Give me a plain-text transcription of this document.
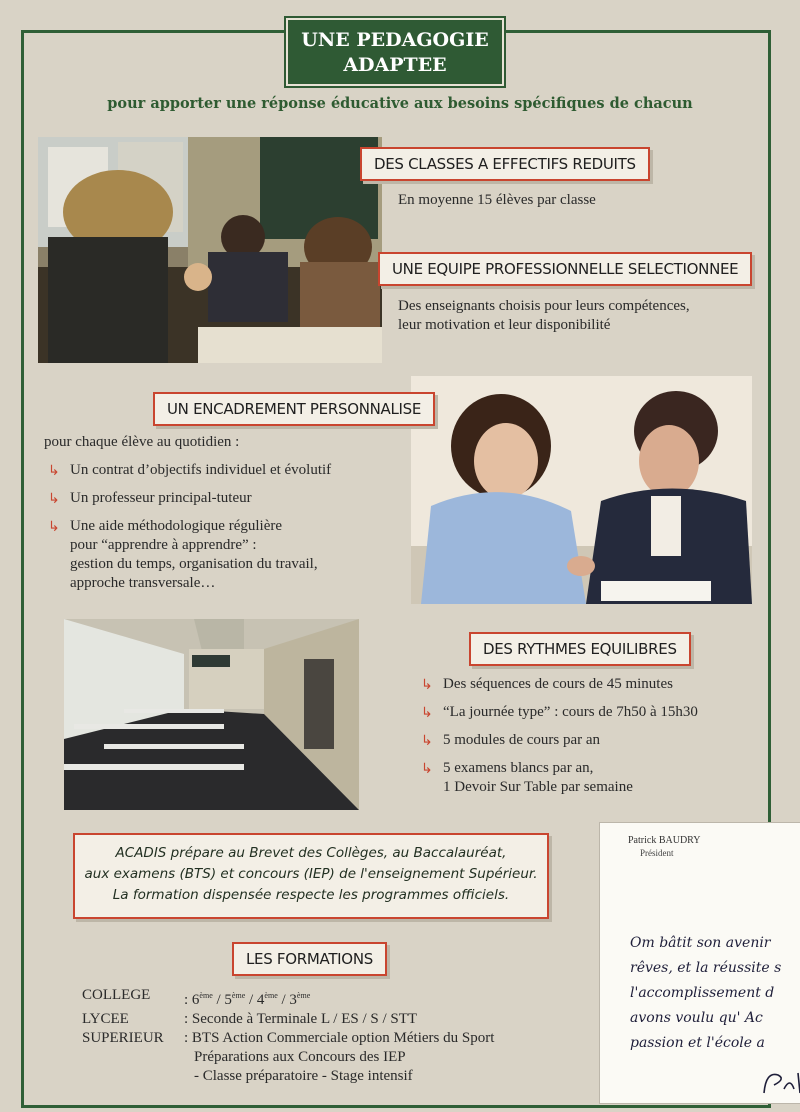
UNE PEDAGOGIE
ADAPTEE
pour apporter une réponse éducative aux besoins spécifiques de chacun
DES CLASSES A EFFECTIFS REDUITS
En moyenne 15 élèves par classe
UNE EQUIPE PROFESSIONNELLE SELECTIONNEE
Des enseignants choisis pour leurs compétences,
leur motivation et leur disponibilité
UN ENCADREMENT PERSONNALISE
pour chaque élève au quotidien :
↳ Un contrat d’objectifs individuel et évolutif
↳ Un professeur principal-tuteur
↳ Une aide méthodologique régulière
pour “apprendre à apprendre” :
gestion du temps, organisation du travail,
approche transversale…
DES RYTHMES EQUILIBRES
↳ Des séquences de cours de 45 minutes
↳ “La journée type” : cours de 7h50 à 15h30
↳ 5 modules de cours par an
↳ 5 examens blancs par an,
1 Devoir Sur Table par semaine
ACADIS prépare au Brevet des Collèges, au Baccalauréat,
aux examens (BTS) et concours (IEP) de l'enseignement Supérieur.
La formation dispensée respecte les programmes officiels.
LES FORMATIONS
COLLEGE	: 6ème / 5ème / 4ème / 3ème
LYCEE	: Seconde à Terminale L / ES / S / STT
SUPERIEUR	: BTS Action Commerciale option Métiers du Sport
Préparations aux Concours des IEP
- Classe préparatoire - Stage intensif
Patrick BAUDRY
Président
Om bâtit son avenir
rêves, et la réussite s
l'accomplissement d
avons voulu qu' Ac
passion et l'école a
